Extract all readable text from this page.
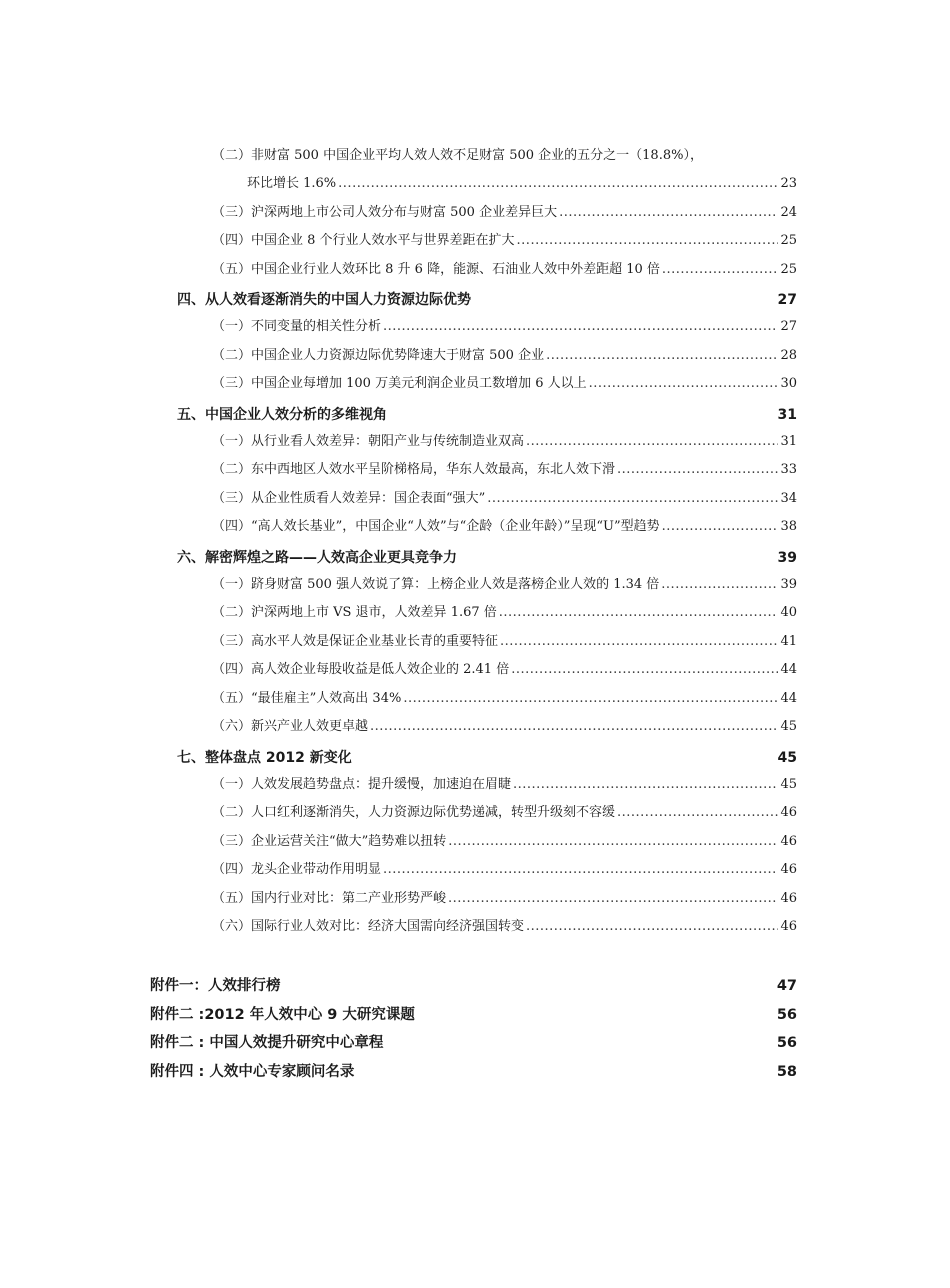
（二）非财富 500 中国企业平均人效人效不足财富 500 企业的五分之一（18.8%），
环比增长 1.6% .....	23
（三）沪深两地上市公司人效分布与财富 500 企业差异巨大 .....	24
（四）中国企业 8 个行业人效水平与世界差距在扩大 .....	25
（五）中国企业行业人效环比 8 升 6 降，能源、石油业人效中外差距超 10 倍 .....	25
四、从人效看逐渐消失的中国人力资源边际优势	27
（一）不同变量的相关性分析 .....	27
（二）中国企业人力资源边际优势降速大于财富 500 企业 .....	28
（三）中国企业每增加 100 万美元利润企业员工数增加 6 人以上 .....	30
五、中国企业人效分析的多维视角	31
（一）从行业看人效差异：朝阳产业与传统制造业双高 .....	31
（二）东中西地区人效水平呈阶梯格局，华东人效最高，东北人效下滑 .....	33
（三）从企业性质看人效差异：国企表面“强大” .....	34
（四）“高人效长基业”，中国企业“人效”与“企龄（企业年龄）”呈现“U”型趋势 .....	38
六、解密辉煌之路——人效高企业更具竞争力	39
（一）跻身财富 500 强人效说了算：上榜企业人效是落榜企业人效的 1.34 倍 .....	39
（二）沪深两地上市 VS 退市，人效差异 1.67 倍 .....	40
（三）高水平人效是保证企业基业长青的重要特征 .....	41
（四）高人效企业每股收益是低人效企业的 2.41 倍 .....	44
（五）“最佳雇主”人效高出 34% .....	44
（六）新兴产业人效更卓越 .....	45
七、整体盘点 2012 新变化	45
（一）人效发展趋势盘点：提升缓慢，加速迫在眉睫 .....	45
（二）人口红利逐渐消失，人力资源边际优势递减，转型升级刻不容缓 .....	46
（三）企业运营关注“做大”趋势难以扭转 .....	46
（四）龙头企业带动作用明显 .....	46
（五）国内行业对比：第二产业形势严峻 .....	46
（六）国际行业人效对比：经济大国需向经济强国转变 .....	46
附件一：人效排行榜	47
附件二 :2012 年人效中心 9 大研究课题	56
附件二 : 中国人效提升研究中心章程	56
附件四 : 人效中心专家顾问名录	58
